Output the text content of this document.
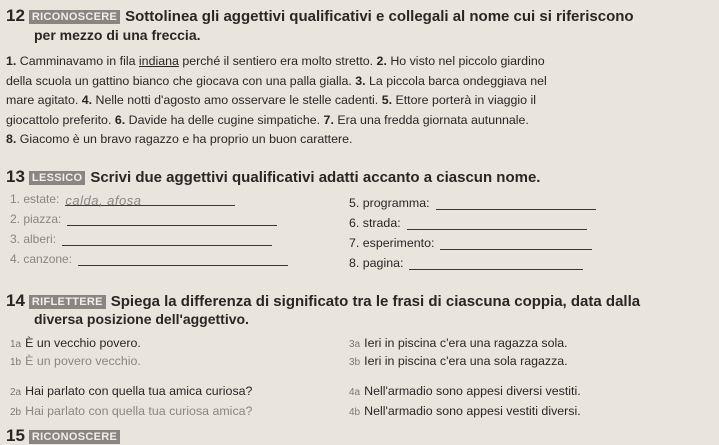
12 RICONOSCERE Sottolinea gli aggettivi qualificativi e collegali al nome cui si riferiscono
per mezzo di una freccia.
1. Camminavamo in fila indiana perché il sentiero era molto stretto. 2. Ho visto nel piccolo giardino
della scuola un gattino bianco che giocava con una palla gialla. 3. La piccola barca ondeggiava nel
mare agitato. 4. Nelle notti d'agosto amo osservare le stelle cadenti. 5. Ettore porterà in viaggio il
giocattolo preferito. 6. Davide ha delle cugine simpatiche. 7. Era una fredda giornata autunnale.
8. Giacomo è un bravo ragazzo e ha proprio un buon carattere.
13 LESSICO Scrivi due aggettivi qualificativi adatti accanto a ciascun nome.
1. estate: calda, afosa
2. piazza:
3. alberi:
4. canzone:
5. programma:
6. strada:
7. esperimento:
8. pagina:
14 RIFLETTERE Spiega la differenza di significato tra le frasi di ciascuna coppia, data dalla
diversa posizione dell'aggettivo.
1a È un vecchio povero.
1b È un povero vecchio.
2a Hai parlato con quella tua amica curiosa?
2b Hai parlato con quella tua curiosa amica?
3a Ieri in piscina c'era una ragazza sola.
3b Ieri in piscina c'era una sola ragazza.
4a Nell'armadio sono appesi diversi vestiti.
4b Nell'armadio sono appesi vestiti diversi.
15 RICONOSCERE
